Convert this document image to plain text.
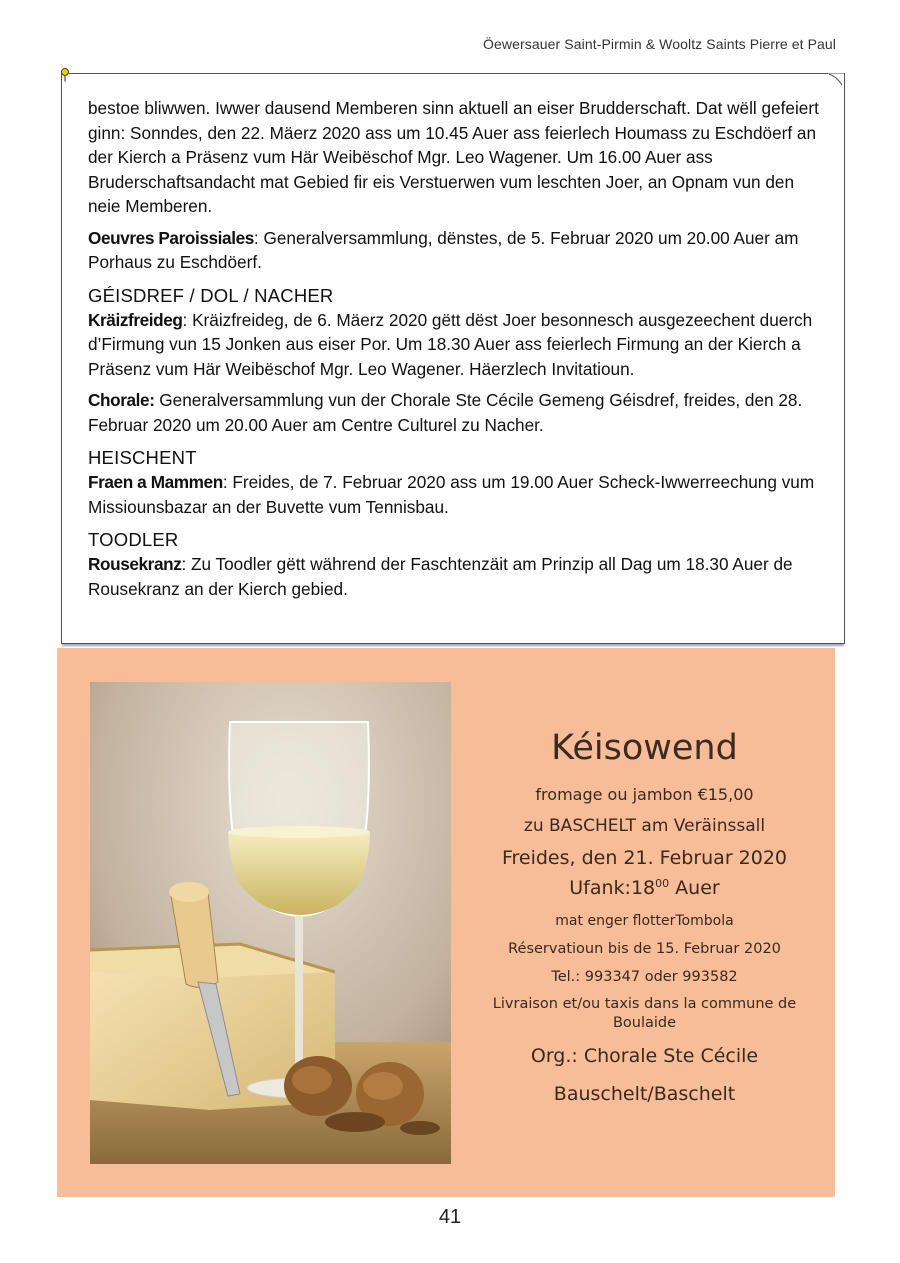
Öewersauer Saint-Pirmin & Wooltz Saints Pierre et Paul

bestoe bliwwen. Iwwer dausend Memberen sinn aktuell an eiser Brudderschaft. Dat wëll gefeiert ginn: Sonndes, den 22. Mäerz 2020 ass um 10.45 Auer ass feierlech Houmass zu Eschdöerf an der Kierch a Präsenz vum Här Weibëschof Mgr. Leo Wagener. Um 16.00 Auer ass Bruderschaftsandacht mat Gebied fir eis Verstuerwen vum leschten Joer, an Opnam vun den neie Memberen.

Oeuvres Paroissiales: Generalversammlung, dënstes, de 5. Februar 2020 um 20.00 Auer am Porhaus zu Eschdöerf.

GÉISDREF / DOL / NACHER

Kräizfreideg: Kräizfreideg, de 6. Mäerz 2020 gëtt dëst Joer besonnesch ausgezeechent duerch d’Firmung vun 15 Jonken aus eiser Por. Um 18.30 Auer ass feierlech Firmung an der Kierch a Präsenz vum Här Weibëschof Mgr. Leo Wagener. Häerzlech Invitatioun.

Chorale: Generalversammlung vun der Chorale Ste Cécile Gemeng Géisdref, freides, den 28. Februar 2020 um 20.00 Auer am Centre Culturel zu Nacher.

HEISCHENT

Fraen a Mammen: Freides, de 7. Februar 2020 ass um 19.00 Auer Scheck-Iwwerreechung vum Missiounsbazar an der Buvette vum Tennisbau.

TOODLER

Rousekranz: Zu Toodler gëtt während der Faschtenzäit am Prinzip all Dag um 18.30 Auer de Rousekranz an der Kierch gebied.

Kéisowend
fromage ou jambon €15,00
zu BASCHELT am Veräinssall
Freides, den 21. Februar 2020
$Ufank:18^{00}$ Auer
mat enger flotterTombola
Réservatioun bis de 15. Februar 2020
Tel.: 993347 oder 993582
Livraison et/ou taxis dans la commune de Boulaide
Org.: Chorale Ste Cécile
Bauschelt/Baschelt
41
